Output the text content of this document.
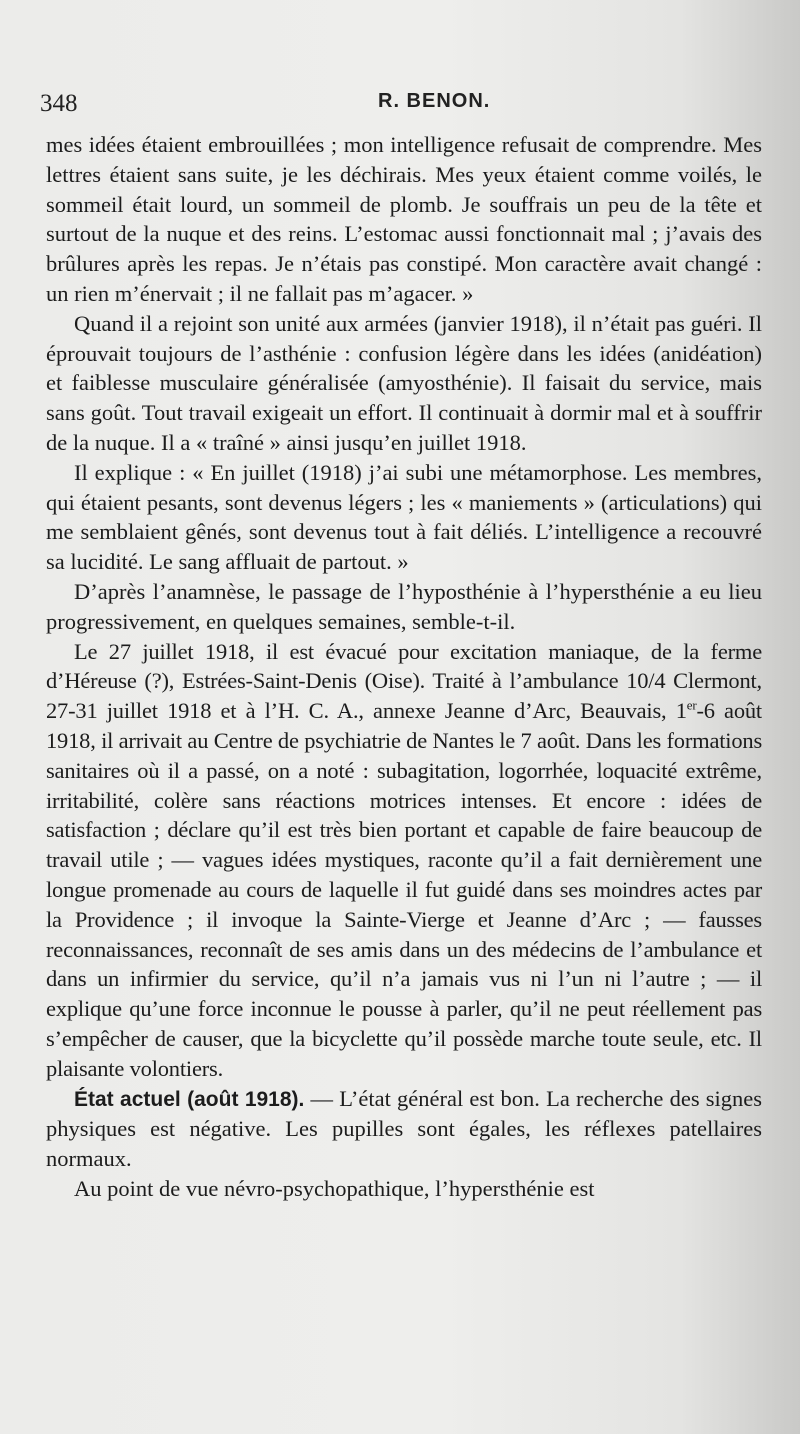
348	R. BENON.

mes idées étaient embrouillées ; mon intelligence refusait de comprendre. Mes lettres étaient sans suite, je les déchirais. Mes yeux étaient comme voilés, le sommeil était lourd, un sommeil de plomb. Je souffrais un peu de la tête et surtout de la nuque et des reins. L’estomac aussi fonctionnait mal ; j’avais des brûlures après les repas. Je n’étais pas constipé. Mon caractère avait changé : un rien m’énervait ; il ne fallait pas m’agacer. »

Quand il a rejoint son unité aux armées (janvier 1918), il n’était pas guéri. Il éprouvait toujours de l’asthénie : confusion légère dans les idées (anidéation) et faiblesse musculaire généralisée (amyosthénie). Il faisait du service, mais sans goût. Tout travail exigeait un effort. Il continuait à dormir mal et à souffrir de la nuque. Il a « traîné » ainsi jusqu’en juillet 1918.

Il explique : « En juillet (1918) j’ai subi une métamorphose. Les membres, qui étaient pesants, sont devenus légers ; les « maniements » (articulations) qui me semblaient gênés, sont devenus tout à fait déliés. L’intelligence a recouvré sa lucidité. Le sang affluait de partout. »

D’après l’anamnèse, le passage de l’hyposthénie à l’hypersthénie a eu lieu progressivement, en quelques semaines, semble-t-il.

Le 27 juillet 1918, il est évacué pour excitation maniaque, de la ferme d’Héreuse (?), Estrées-Saint-Denis (Oise). Traité à l’ambulance 10/4 Clermont, 27-31 juillet 1918 et à l’H. C. A., annexe Jeanne d’Arc, Beauvais, 1er-6 août 1918, il arrivait au Centre de psychiatrie de Nantes le 7 août. Dans les formations sanitaires où il a passé, on a noté : subagitation, logorrhée, loquacité extrême, irritabilité, colère sans réactions motrices intenses. Et encore : idées de satisfaction ; déclare qu’il est très bien portant et capable de faire beaucoup de travail utile ; — vagues idées mystiques, raconte qu’il a fait dernièrement une longue promenade au cours de laquelle il fut guidé dans ses moindres actes par la Providence ; il invoque la Sainte-Vierge et Jeanne d’Arc ; — fausses reconnaissances, reconnaît de ses amis dans un des médecins de l’ambulance et dans un infirmier du service, qu’il n’a jamais vus ni l’un ni l’autre ; — il explique qu’une force inconnue le pousse à parler, qu’il ne peut réellement pas s’empêcher de causer, que la bicyclette qu’il possède marche toute seule, etc. Il plaisante volontiers.

État actuel (août 1918). — L’état général est bon. La recherche des signes physiques est négative. Les pupilles sont égales, les réflexes patellaires normaux.

Au point de vue névro-psychopathique, l’hypersthénie est
